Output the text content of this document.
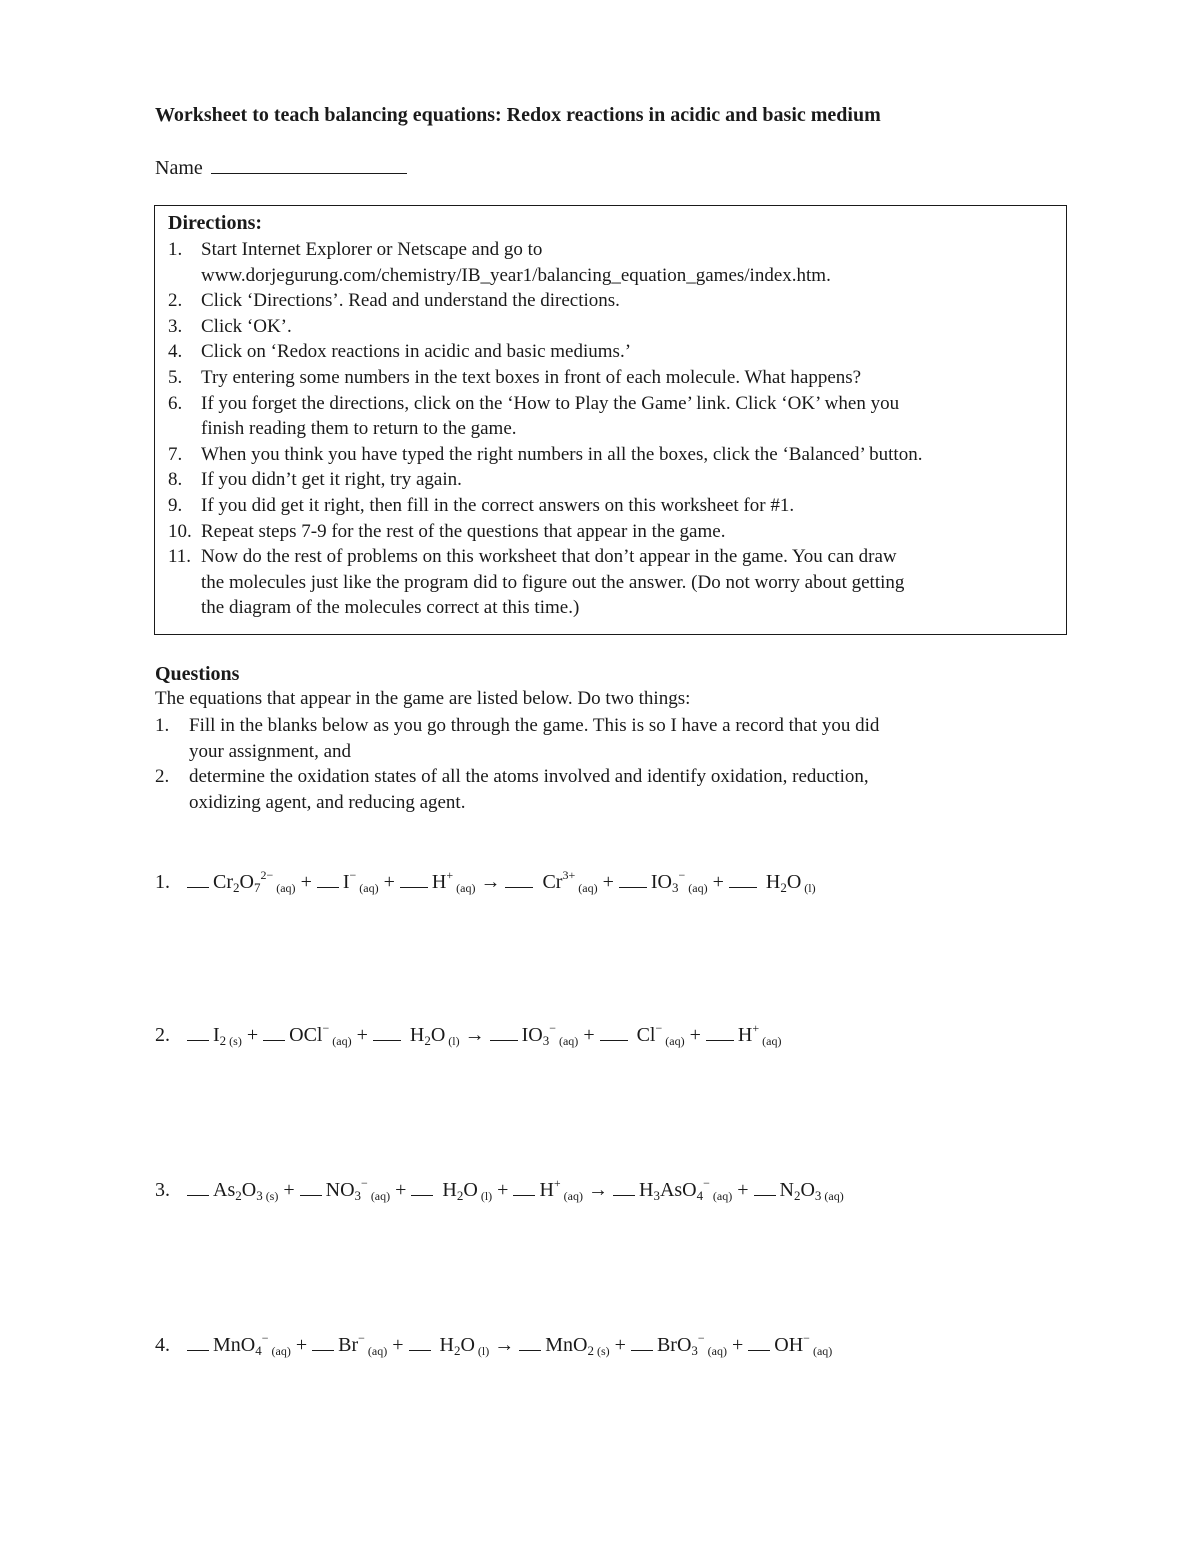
Worksheet to teach balancing equations: Redox reactions in acidic and basic medium
Name
Directions:
1. Start Internet Explorer or Netscape and go to
www.dorjegurung.com/chemistry/IB_year1/balancing_equation_games/index.htm.
2. Click ‘Directions’. Read and understand the directions.
3. Click ‘OK’.
4. Click on ‘Redox reactions in acidic and basic mediums.’
5. Try entering some numbers in the text boxes in front of each molecule. What happens?
6. If you forget the directions, click on the ‘How to Play the Game’ link. Click ‘OK’ when you
finish reading them to return to the game.
7. When you think you have typed the right numbers in all the boxes, click the ‘Balanced’ button.
8. If you didn’t get it right, try again.
9. If you did get it right, then fill in the correct answers on this worksheet for #1.
10. Repeat steps 7-9 for the rest of the questions that appear in the game.
11. Now do the rest of problems on this worksheet that don’t appear in the game. You can draw
the molecules just like the program did to figure out the answer. (Do not worry about getting
the diagram of the molecules correct at this time.)
Questions
The equations that appear in the game are listed below. Do two things:
1. Fill in the blanks below as you go through the game. This is so I have a record that you did
your assignment, and
2. determine the oxidation states of all the atoms involved and identify oxidation, reduction,
oxidizing agent, and reducing agent.
1. $Cr_2O_7^{2-}$ $_{(aq)}$ + I− $_{(aq)}$ + H+ $_{(aq)} \to Cr^{3+}$ $_{(aq)} + IO_3^-$ $_{(aq)} + H_2O$ $_{(l)}$
2. $I_2$ $_{(s)}$ + OCl− $_{(aq)} + H_2O$ $_{(l)} \to IO_3^-$ $_{(aq)}$ +  Cl− $_{(aq)}$ + H+ $_{(aq)}$
3. $As_2O_3$ $_{(s)} + NO_3^-$ $_{(aq)} + H_2O$ $_{(l)}$ + H+ $_{(aq)} \to H_3AsO_4^-$ $_{(aq)} + N_2O_3$ $_{(aq)}$
4. MnO$_4$− $_{(aq)}$ + Br− $_{(aq)} + H_2O$ $_{(l)}$ → MnO$_2$ $_{(s)}$ + BrO$_3$− $_{(aq)}$ + OH− $_{(aq)}$
